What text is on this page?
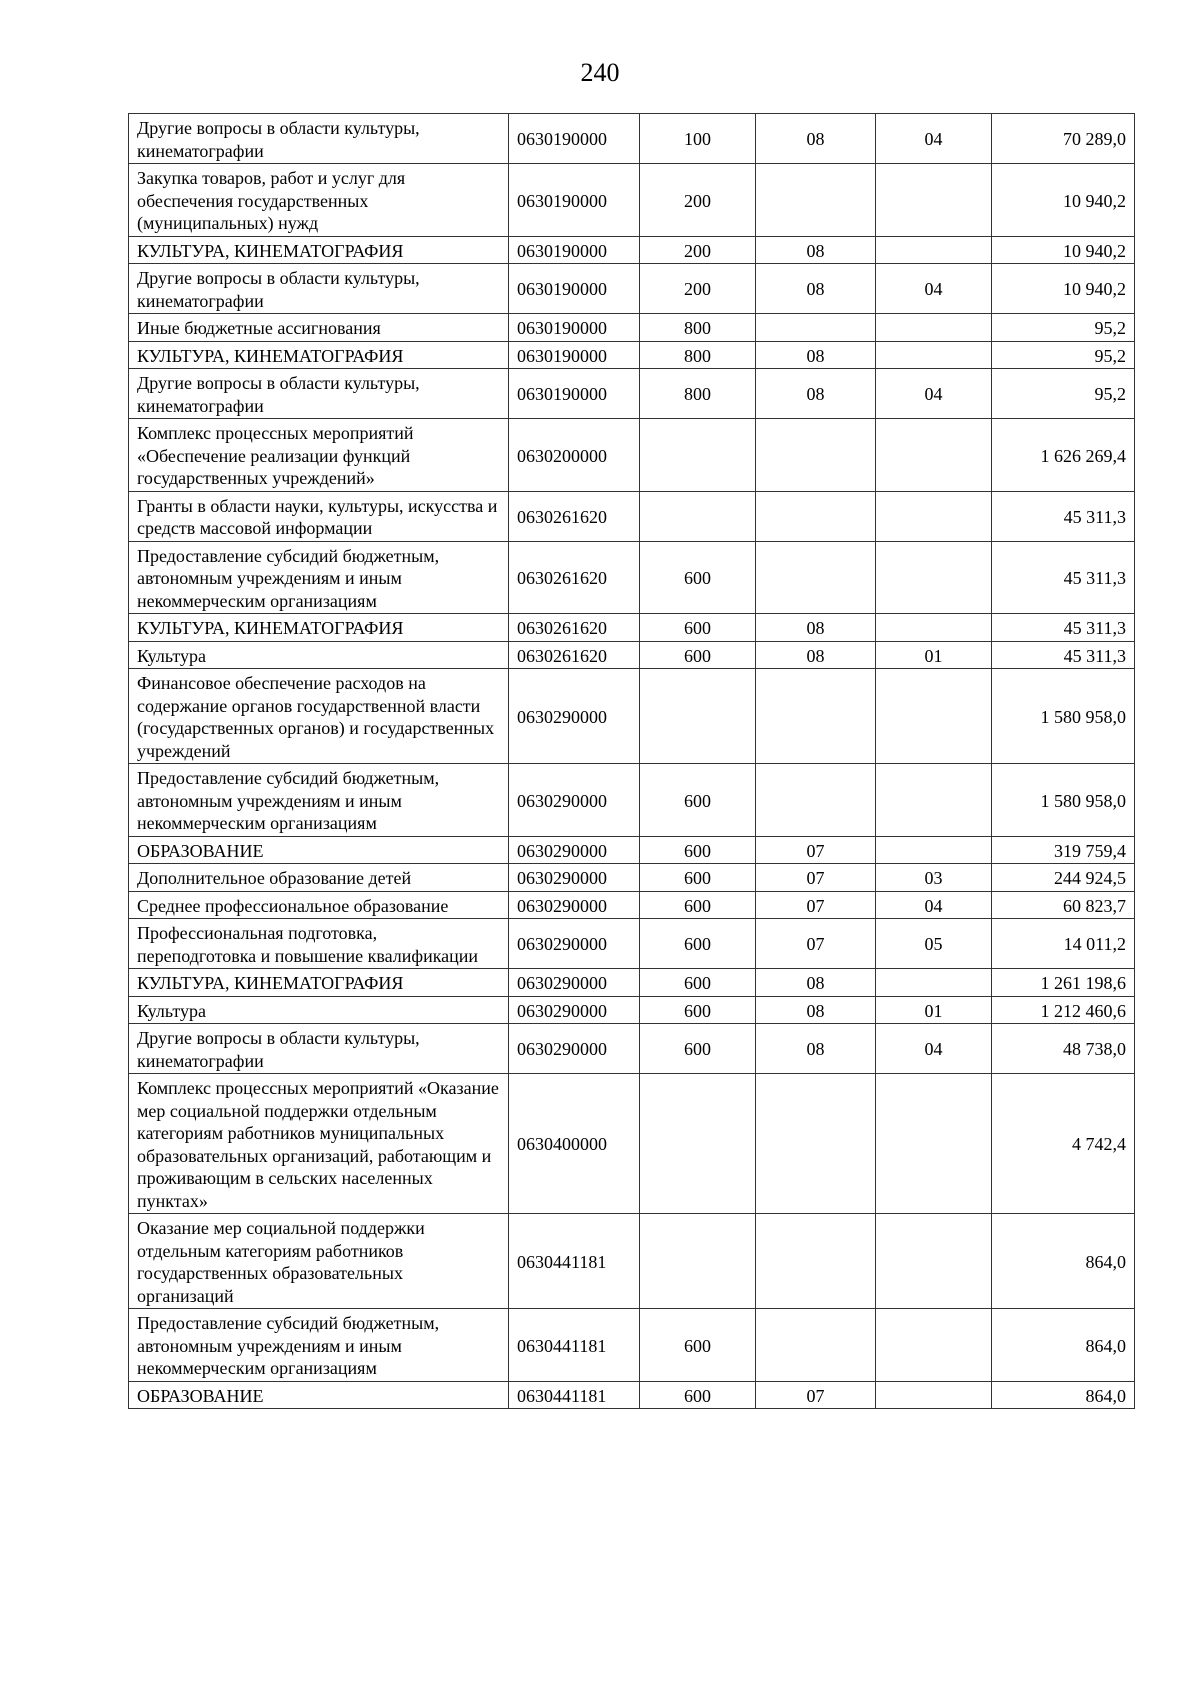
240
Другие вопросы в области культуры, кинематографии	0630190000	100	08	04	70 289,0
Закупка товаров, работ и услуг для обеспечения государственных (муниципальных) нужд	0630190000	200			10 940,2
КУЛЬТУРА, КИНЕМАТОГРАФИЯ	0630190000	200	08		10 940,2
Другие вопросы в области культуры, кинематографии	0630190000	200	08	04	10 940,2
Иные бюджетные ассигнования	0630190000	800			95,2
КУЛЬТУРА, КИНЕМАТОГРАФИЯ	0630190000	800	08		95,2
Другие вопросы в области культуры, кинематографии	0630190000	800	08	04	95,2
Комплекс процессных мероприятий «Обеспечение реализации функций государственных учреждений»	0630200000				1 626 269,4
Гранты в области науки, культуры, искусства и средств массовой информации	0630261620				45 311,3
Предоставление субсидий бюджетным, автономным учреждениям и иным некоммерческим организациям	0630261620	600			45 311,3
КУЛЬТУРА, КИНЕМАТОГРАФИЯ	0630261620	600	08		45 311,3
Культура	0630261620	600	08	01	45 311,3
Финансовое обеспечение расходов на содержание органов государственной власти (государственных органов) и государственных учреждений	0630290000				1 580 958,0
Предоставление субсидий бюджетным, автономным учреждениям и иным некоммерческим организациям	0630290000	600			1 580 958,0
ОБРАЗОВАНИЕ	0630290000	600	07		319 759,4
Дополнительное образование детей	0630290000	600	07	03	244 924,5
Среднее профессиональное образование	0630290000	600	07	04	60 823,7
Профессиональная подготовка, переподготовка и повышение квалификации	0630290000	600	07	05	14 011,2
КУЛЬТУРА, КИНЕМАТОГРАФИЯ	0630290000	600	08		1 261 198,6
Культура	0630290000	600	08	01	1 212 460,6
Другие вопросы в области культуры, кинематографии	0630290000	600	08	04	48 738,0
Комплекс процессных мероприятий «Оказание мер социальной поддержки отдельным категориям работников муниципальных образовательных организаций, работающим и проживающим в сельских населенных пунктах»	0630400000				4 742,4
Оказание мер социальной поддержки отдельным категориям работников государственных образовательных организаций	0630441181				864,0
Предоставление субсидий бюджетным, автономным учреждениям и иным некоммерческим организациям	0630441181	600			864,0
ОБРАЗОВАНИЕ	0630441181	600	07		864,0
